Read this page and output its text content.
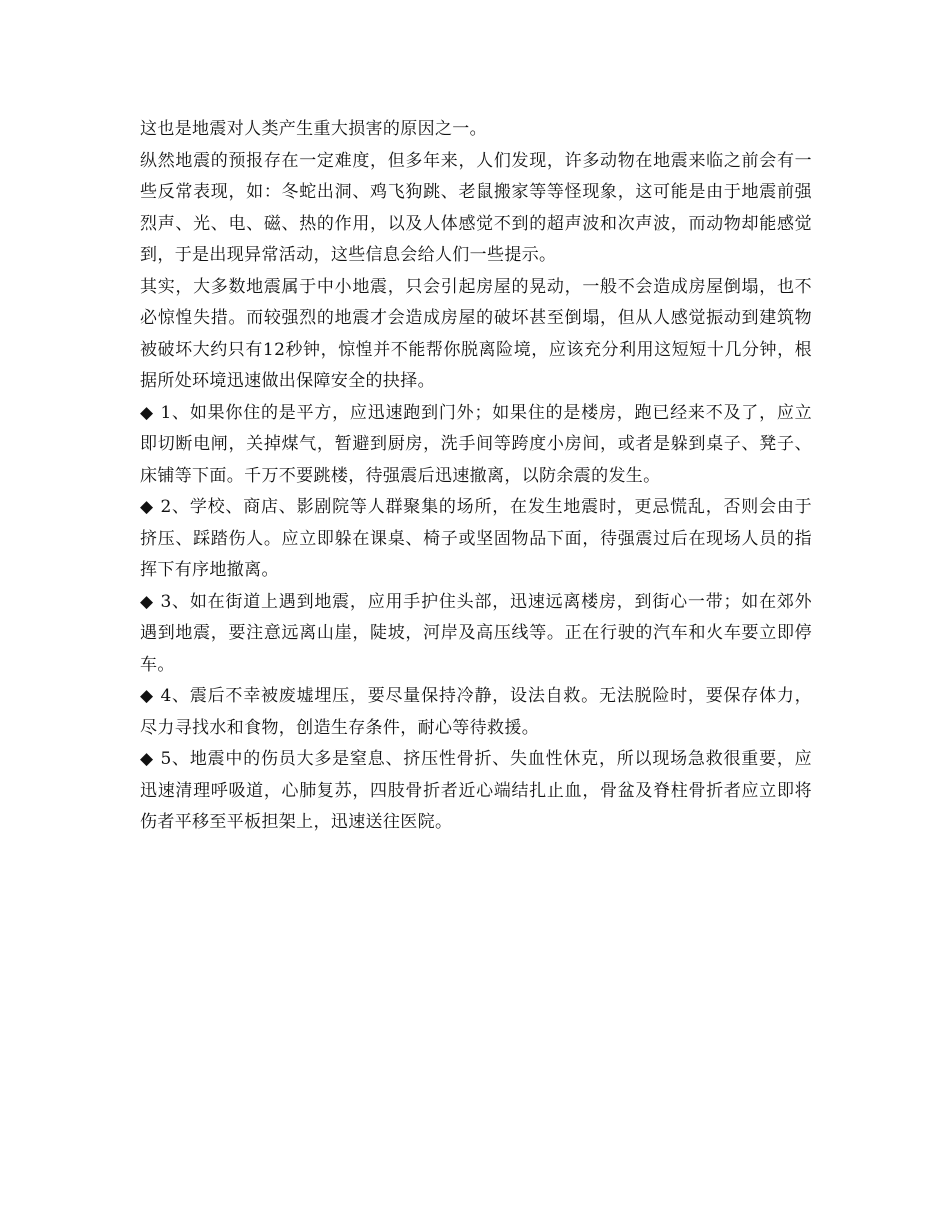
这也是地震对人类产生重大损害的原因之一。

纵然地震的预报存在一定难度，但多年来，人们发现，许多动物在地震来临之前会有一些反常表现，如：冬蛇出洞、鸡飞狗跳、老鼠搬家等等怪现象，这可能是由于地震前强烈声、光、电、磁、热的作用，以及人体感觉不到的超声波和次声波，而动物却能感觉到，于是出现异常活动，这些信息会给人们一些提示。

其实，大多数地震属于中小地震，只会引起房屋的晃动，一般不会造成房屋倒塌，也不必惊惶失措。而较强烈的地震才会造成房屋的破坏甚至倒塌，但从人感觉振动到建筑物被破坏大约只有12秒钟，惊惶并不能帮你脱离险境，应该充分利用这短短十几分钟，根据所处环境迅速做出保障安全的抉择。

◆ 1、如果你住的是平方，应迅速跑到门外；如果住的是楼房，跑已经来不及了，应立即切断电闸，关掉煤气，暂避到厨房，洗手间等跨度小房间，或者是躲到桌子、凳子、床铺等下面。千万不要跳楼，待强震后迅速撤离，以防余震的发生。

◆ 2、学校、商店、影剧院等人群聚集的场所，在发生地震时，更忌慌乱，否则会由于挤压、踩踏伤人。应立即躲在课桌、椅子或坚固物品下面，待强震过后在现场人员的指挥下有序地撤离。

◆ 3、如在街道上遇到地震，应用手护住头部，迅速远离楼房，到街心一带；如在郊外遇到地震，要注意远离山崖，陡坡，河岸及高压线等。正在行驶的汽车和火车要立即停车。

◆ 4、震后不幸被废墟埋压，要尽量保持冷静，设法自救。无法脱险时，要保存体力，尽力寻找水和食物，创造生存条件，耐心等待救援。

◆ 5、地震中的伤员大多是窒息、挤压性骨折、失血性休克，所以现场急救很重要，应迅速清理呼吸道，心肺复苏，四肢骨折者近心端结扎止血，骨盆及脊柱骨折者应立即将伤者平移至平板担架上，迅速送往医院。
